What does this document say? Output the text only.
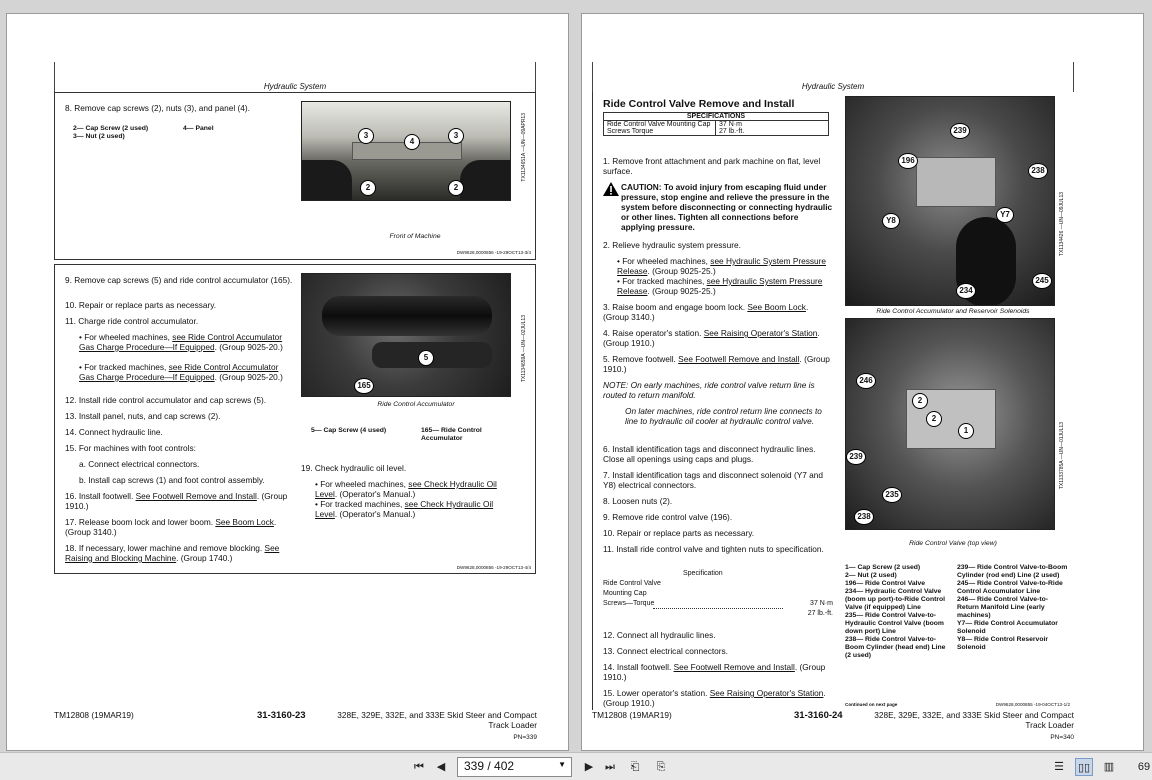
Hydraulic System
8. Remove cap screws (2), nuts (3), and panel (4).
2— Cap Screw (2 used)
3— Nut (2 used)
4— Panel
3
4
3
2	2
TX1134651A —UN—09APR13
Front of Machine
DW9628,0000856 -19-29OCT13-3/4
9. Remove cap screws (5) and ride control accumulator (165).
10. Repair or replace parts as necessary.
11. Charge ride control accumulator.
• For wheeled machines, see Ride Control Accumulator Gas Charge Procedure—If Equipped. (Group 9025-20.)
• For tracked machines, see Ride Control Accumulator Gas Charge Procedure—If Equipped. (Group 9025-20.)
12. Install ride control accumulator and cap screws (5).
13. Install panel, nuts, and cap screws (2).
14. Connect hydraulic line.
15. For machines with foot controls:
a. Connect electrical connectors.
b. Install cap screws (1) and foot control assembly.
16. Install footwell. See Footwell Remove and Install. (Group 1910.)
17. Release boom lock and lower boom. See Boom Lock. (Group 3140.)
18. If necessary, lower machine and remove blocking. See Raising and Blocking Machine. (Group 1740.)
5
165
TX1134659A —UN—02JUL13
Ride Control Accumulator
5— Cap Screw (4 used)	165— Ride Control Accumulator
19. Check hydraulic oil level.
• For wheeled machines, see Check Hydraulic Oil Level. (Operator's Manual.)
• For tracked machines, see Check Hydraulic Oil Level. (Operator's Manual.)
DW9628,0000856 -19-29OCT13-4/4
TM12808 (19MAR19)	31-3160-23	328E, 329E, 332E, and 333E Skid Steer and Compact Track Loader
PN=339
Hydraulic System
Ride Control Valve Remove and Install
SPECIFICATIONS
Ride Control Valve Mounting Cap Screws Torque	37 N·m
27 lb.-ft.
1. Remove front attachment and park machine on flat, level surface.
CAUTION: To avoid injury from escaping fluid under pressure, stop engine and relieve the pressure in the system before disconnecting or connecting hydraulic or other lines. Tighten all connections before applying pressure.
2. Relieve hydraulic system pressure.
• For wheeled machines, see Hydraulic System Pressure Release. (Group 9025-25.)
• For tracked machines, see Hydraulic System Pressure Release. (Group 9025-25.)
3. Raise boom and engage boom lock. See Boom Lock. (Group 3140.)
4. Raise operator's station. See Raising Operator's Station. (Group 1910.)
5. Remove footwell. See Footwell Remove and Install. (Group 1910.)
NOTE: On early machines, ride control valve return line is routed to return manifold.
On later machines, ride control return line connects to line to hydraulic oil cooler at hydraulic control valve.
6. Install identification tags and disconnect hydraulic lines. Close all openings using caps and plugs.
7. Install identification tags and disconnect solenoid (Y7 and Y8) electrical connectors.
8. Loosen nuts (2).
9. Remove ride control valve (196).
10. Repair or replace parts as necessary.
11. Install ride control valve and tighten nuts to specification.
Specification
Ride Control Valve
Mounting Cap
Screws—Torque	37 N·m
27 lb.-ft.
12. Connect all hydraulic lines.
13. Connect electrical connectors.
14. Install footwell. See Footwell Remove and Install. (Group 1910.)
15. Lower operator's station. See Raising Operator's Station. (Group 1910.)
239
196
238
Y8
Y7
245
234
TX1134426 —UN—09JUL13
Ride Control Accumulator and Reservoir Solenoids
246
2
2
1
239
235
238
TX1133785A —UN—01JUL13
Ride Control Valve (top view)
1— Cap Screw (2 used)
2— Nut (2 used)
196— Ride Control Valve
234— Hydraulic Control Valve (boom up port)-to-Ride Control Valve (if equipped) Line
235— Ride Control Valve-to-Hydraulic Control Valve (boom down port) Line
238— Ride Control Valve-to-Boom Cylinder (head end) Line (2 used)
239— Ride Control Valve-to-Boom Cylinder (rod end) Line (2 used)
245— Ride Control Valve-to-Ride Control Accumulator Line
246— Ride Control Valve-to-Return Manifold Line (early machines)
Y7— Ride Control Accumulator Solenoid
Y8— Ride Control Reservoir Solenoid
Continued on next page	DW9628,0000855 -19-04OCT13-1/2
TM12808 (19MAR19)	31-3160-24	328E, 329E, 332E, and 333E Skid Steer and Compact Track Loader
PN=340
⏮	◀	339 / 402	▼	▶	⏭	⎗	⎘	☰	▯▯	▥	69
